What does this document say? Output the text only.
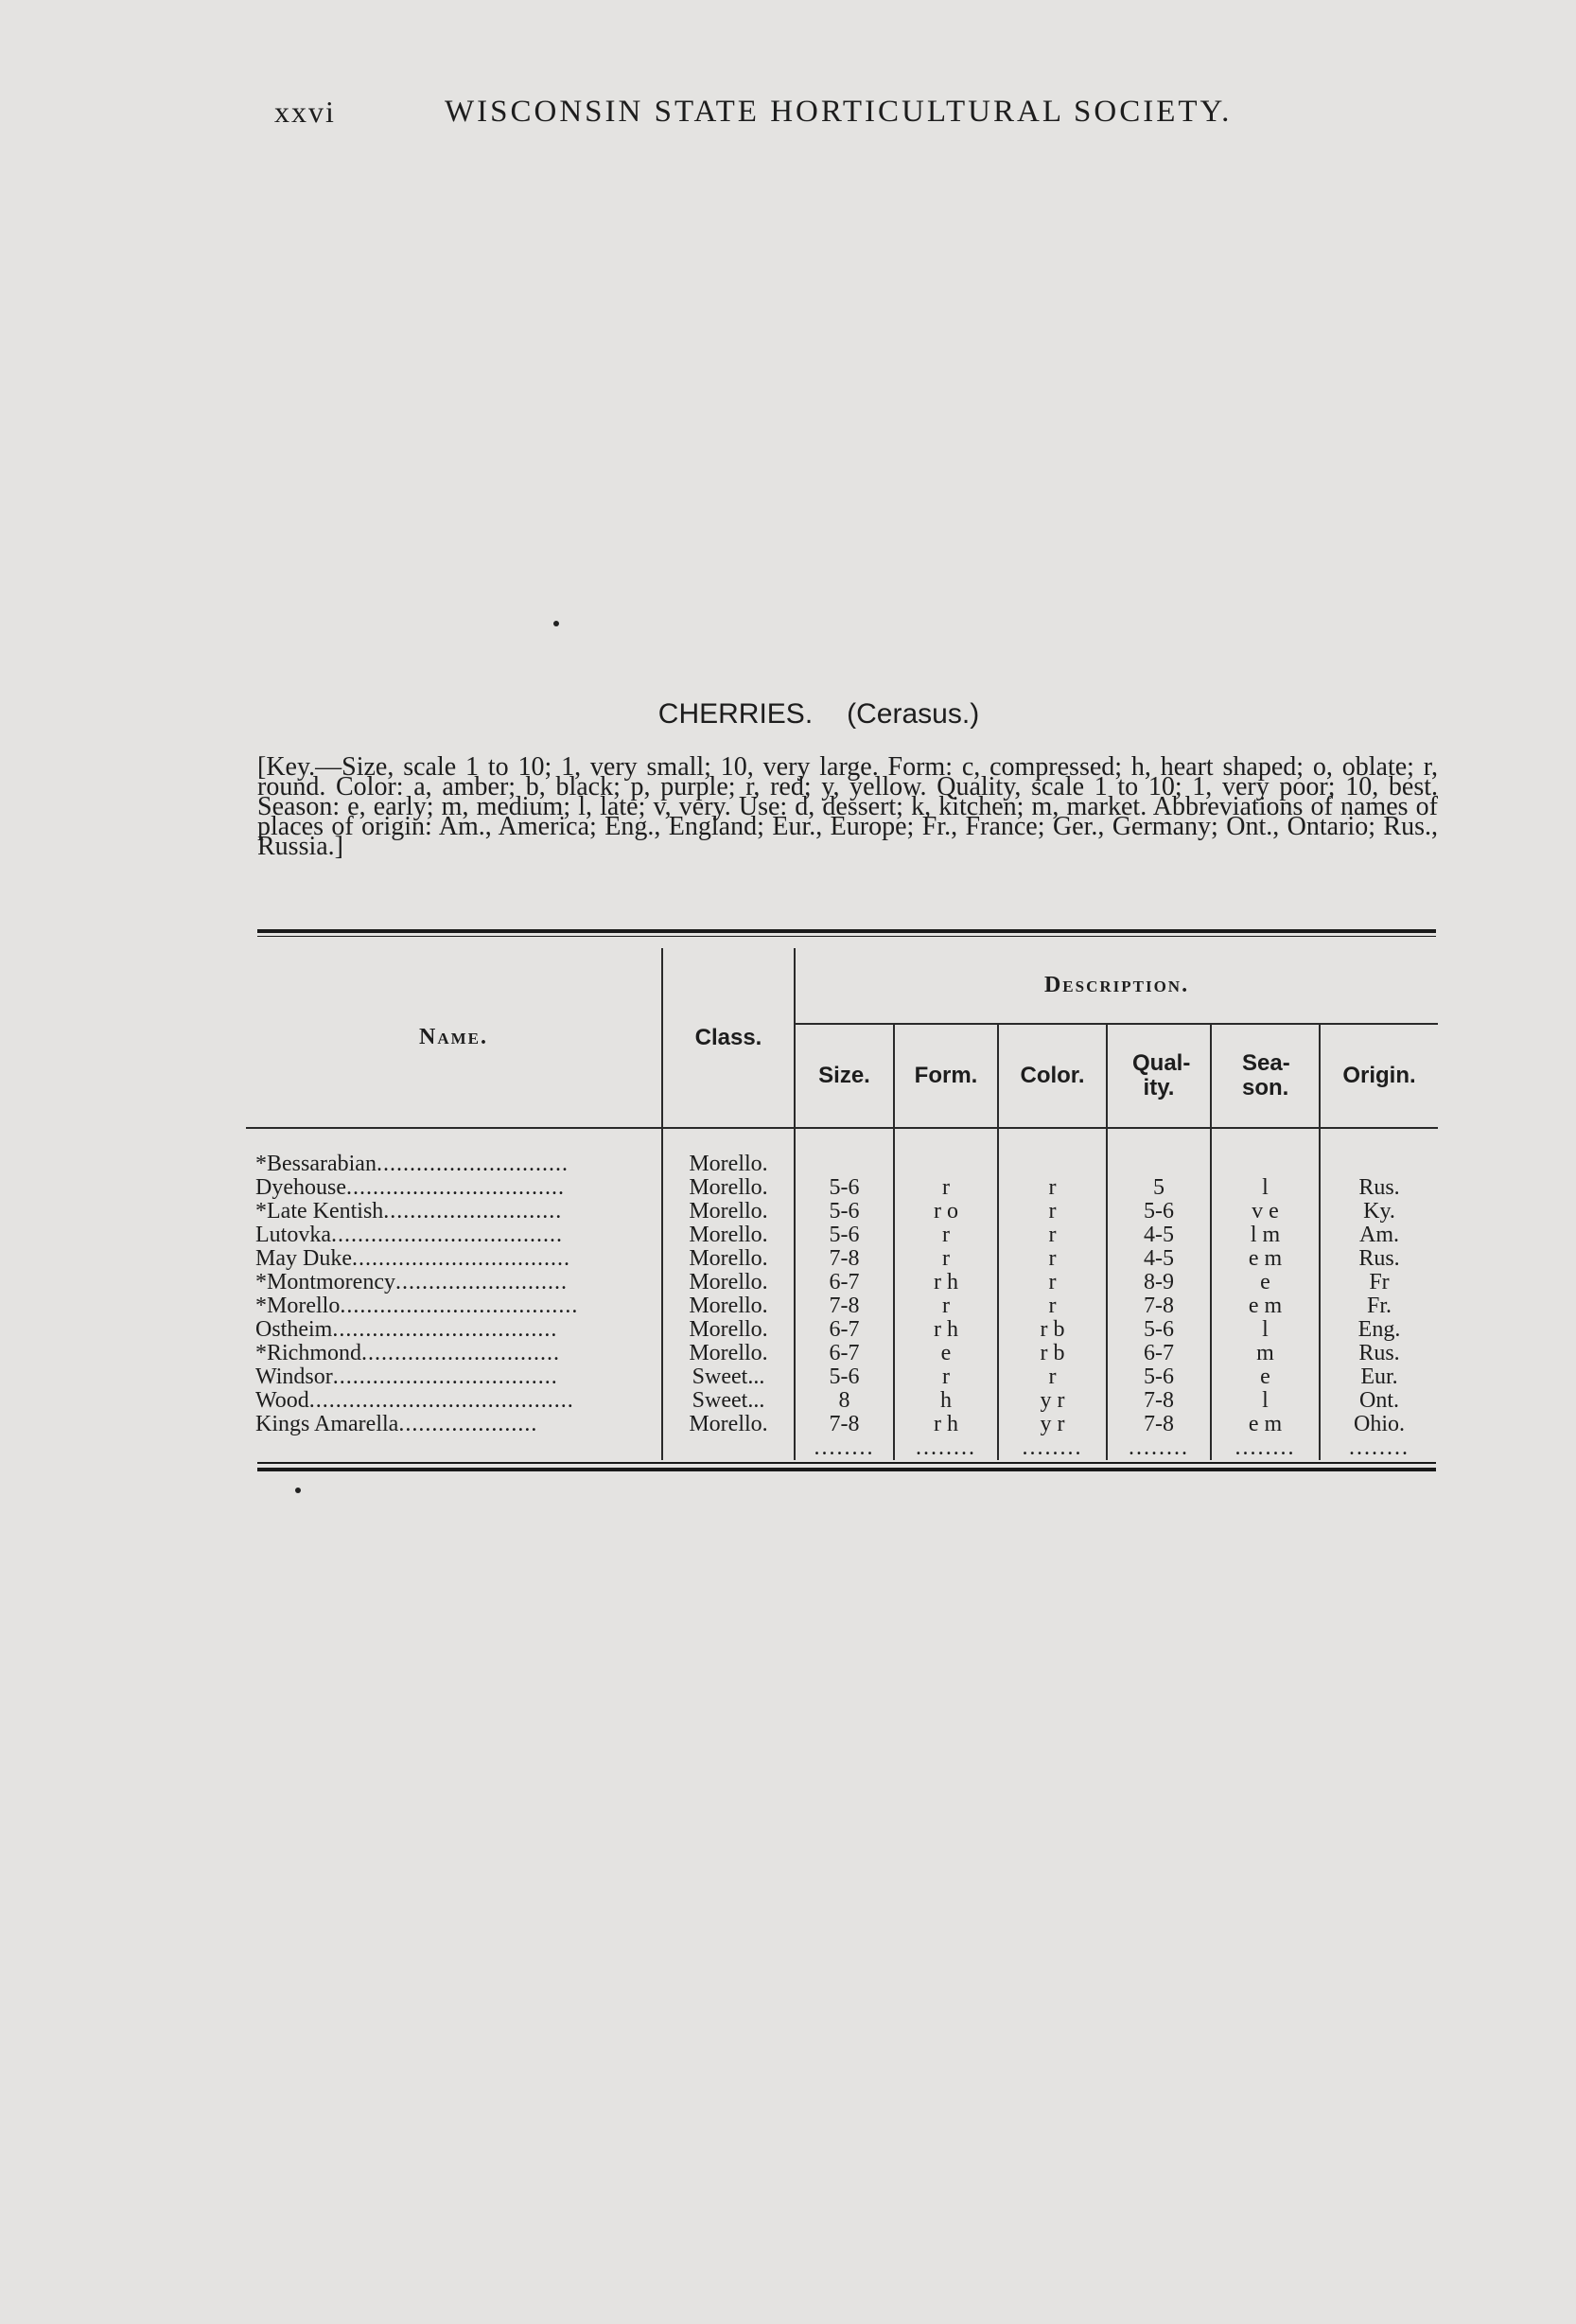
xxvi	WISCONSIN STATE HORTICULTURAL SOCIETY.
CHERRIES. (Cerasus.)
[Key.—Size, scale 1 to 10; 1, very small; 10, very large. Form: c, compressed; h, heart shaped; o, oblate; r, round. Color: a, amber; b, black; p, purple; r, red; y, yellow. Quality, scale 1 to 10; 1, very poor; 10, best. Season: e, early; m, medium; l, late; v, very. Use: d, dessert; k, kitchen; m, market. Abbreviations of names of places of origin: Am., America; Eng., England; Eur., Europe; Fr., France; Ger., Germany; Ont., Ontario; Rus., Russia.]
Name.	Class.	Description.					
		Size.	Form.	Color.	Qual- ity.	Sea- son.	Origin.

*Bessarabian.............................	Morello.						
Dyehouse.................................	Morello.	5-6	r	r	5	l	Rus.
*Late Kentish...........................	Morello.	5-6	r o	r	5-6	v e	Ky.
Lutovka...................................	Morello.	5-6	r	r	4-5	l m	Am.
May Duke.................................	Morello.	7-8	r	r	4-5	e m	Rus.
*Montmorency..........................	Morello.	6-7	r h	r	8-9	e	Fr
*Morello....................................	Morello.	7-8	r	r	7-8	e m	Fr.
Ostheim..................................	Morello.	6-7	r h	r b	5-6	l	Eng.
*Richmond..............................	Morello.	6-7	e	r b	6-7	m	Rus.
Windsor..................................	Sweet...	5-6	r	r	5-6	e	Eur.
Wood........................................	Sweet...	8	h	y r	7-8	l	Ont.
Kings Amarella.....................	Morello.	7-8	r h	y r	7-8	e m	Ohio.
		........	........	........	........	........	........
